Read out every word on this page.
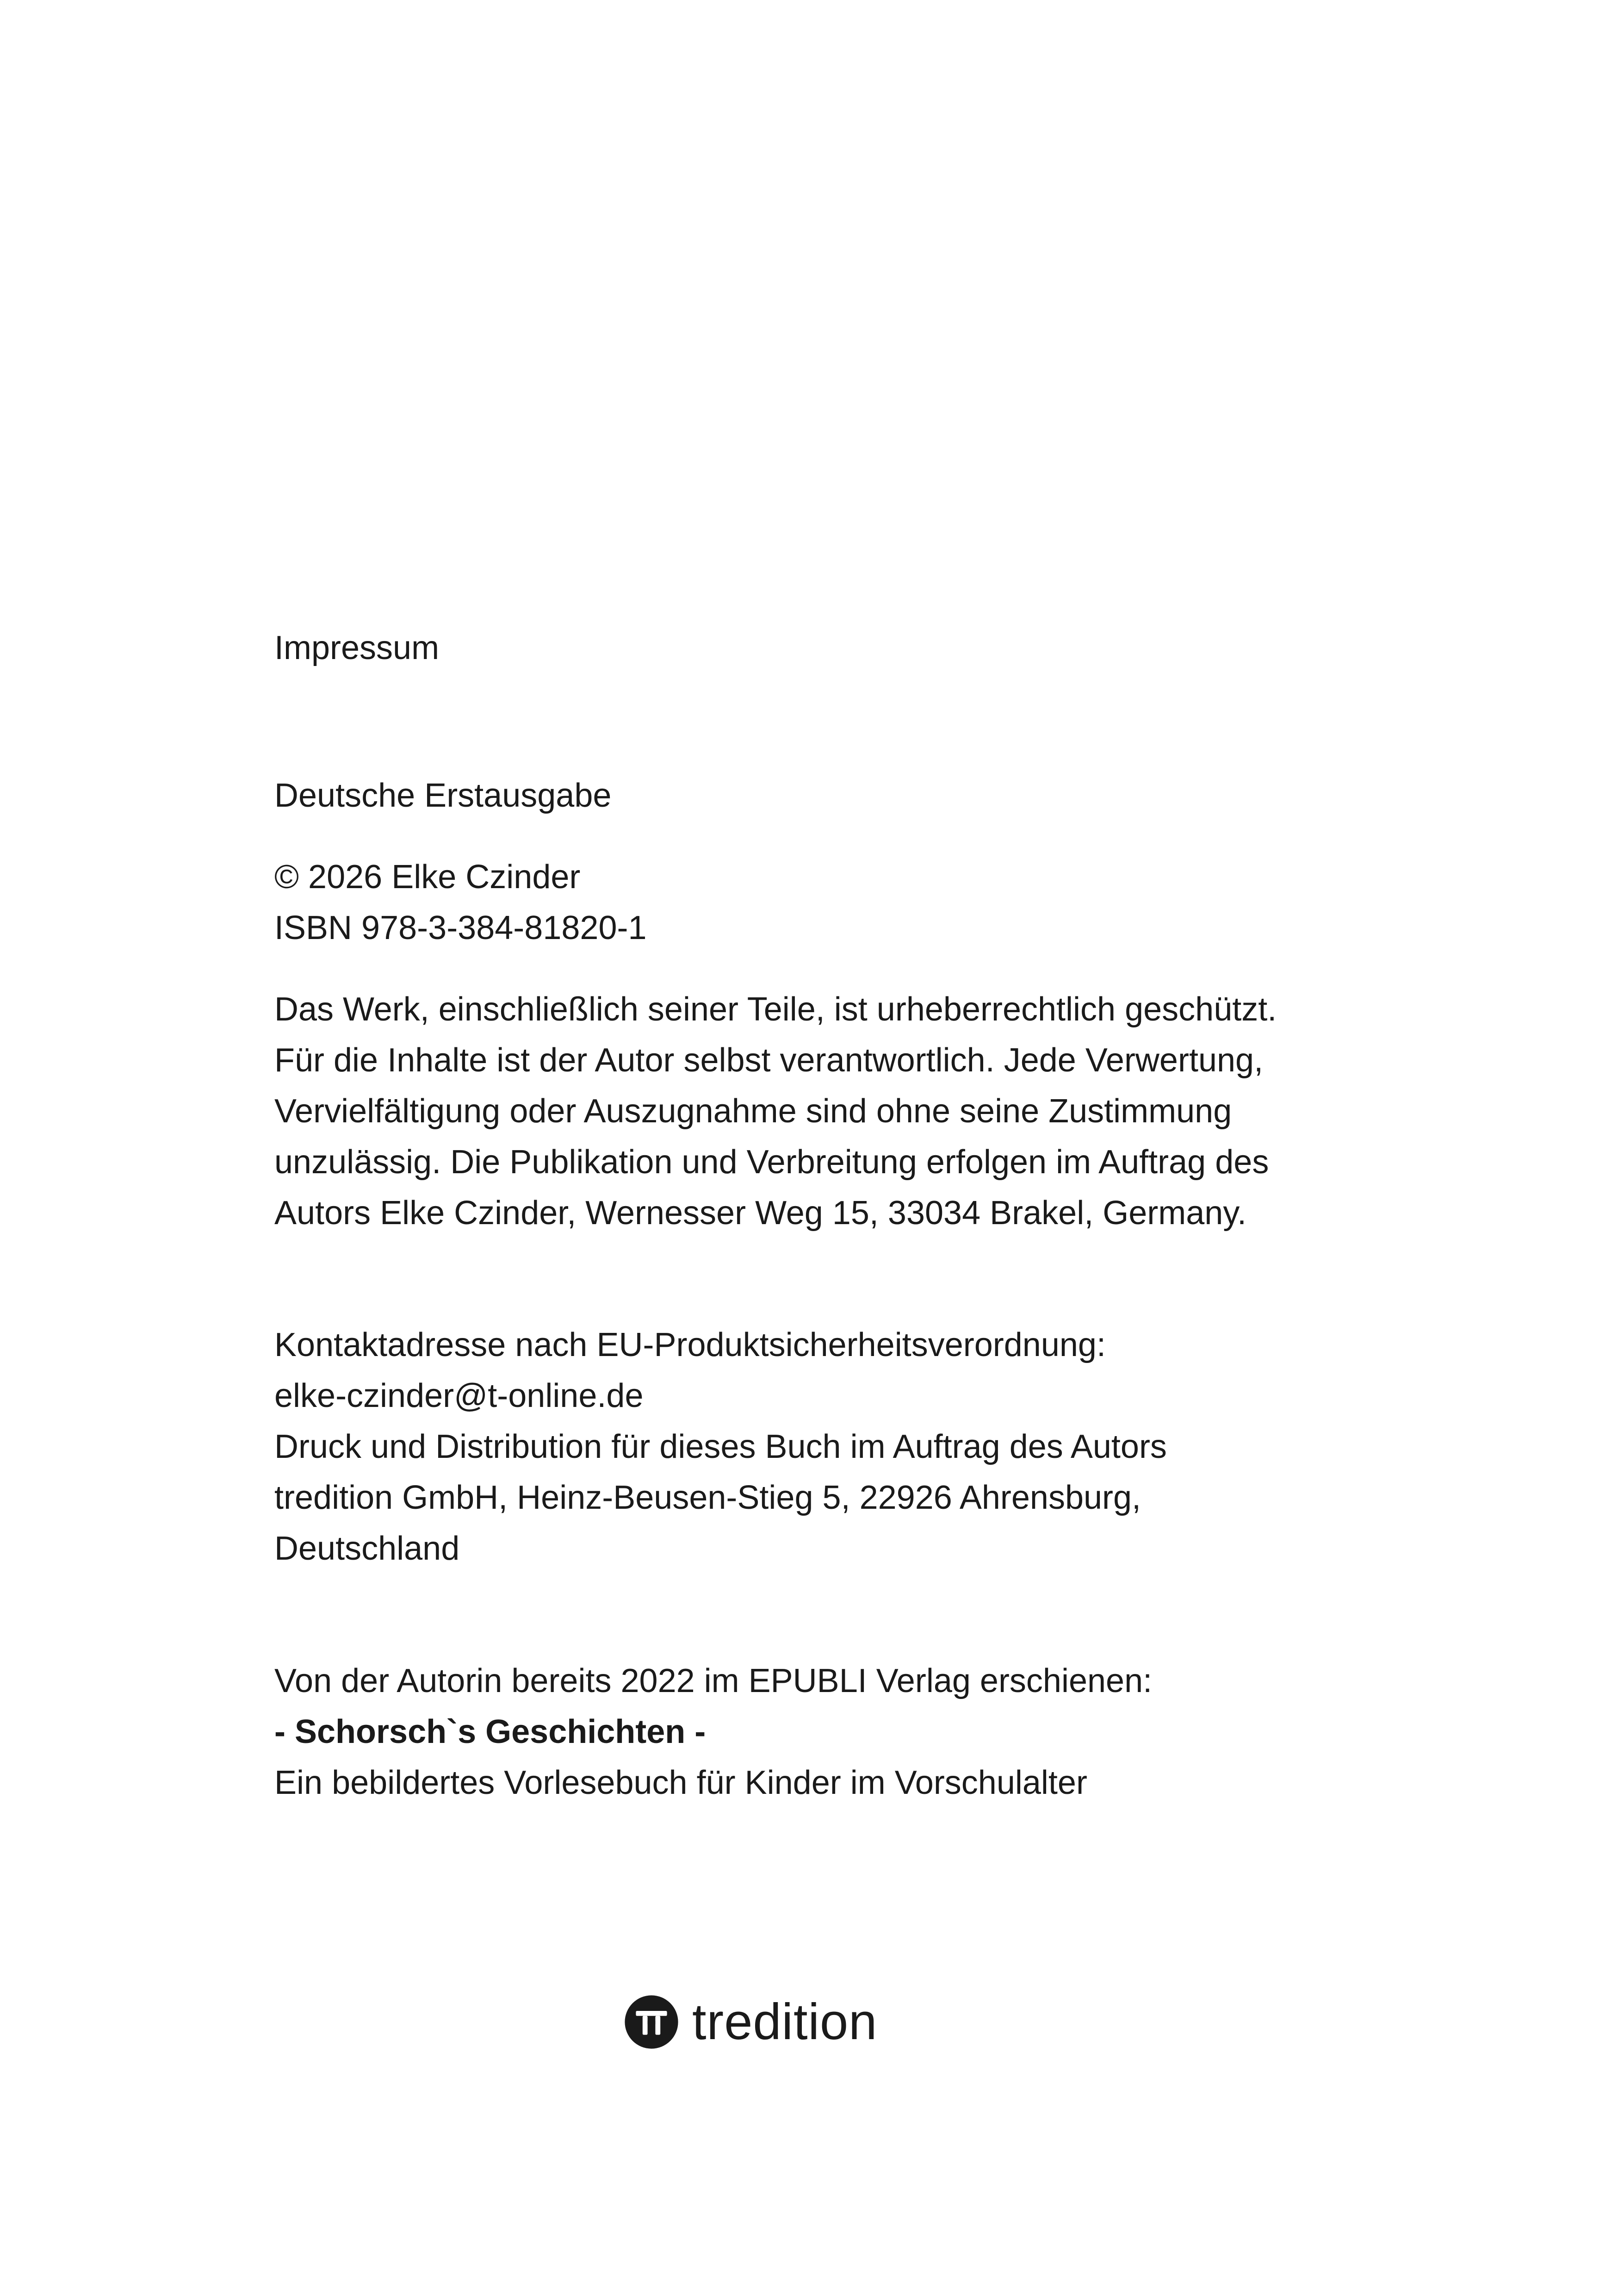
Impressum
Deutsche Erstausgabe
© 2026 Elke Czinder
ISBN 978-3-384-81820-1
Das Werk, einschließlich seiner Teile, ist urheberrechtlich geschützt.
Für die Inhalte ist der Autor selbst verantwortlich. Jede Verwertung,
Vervielfältigung oder Auszugnahme sind ohne seine Zustimmung
unzulässig. Die Publikation und Verbreitung erfolgen im Auftrag des
Autors Elke Czinder, Wernesser Weg 15, 33034 Brakel, Germany.
Kontaktadresse nach EU-Produktsicherheitsverordnung:
elke-czinder@t-online.de
Druck und Distribution für dieses Buch im Auftrag des Autors
tredition GmbH, Heinz-Beusen-Stieg 5, 22926 Ahrensburg,
Deutschland
Von der Autorin bereits 2022 im EPUBLI Verlag erschienen:
- Schorsch`s Geschichten -
Ein bebildertes Vorlesebuch für Kinder im Vorschulalter
tredition
